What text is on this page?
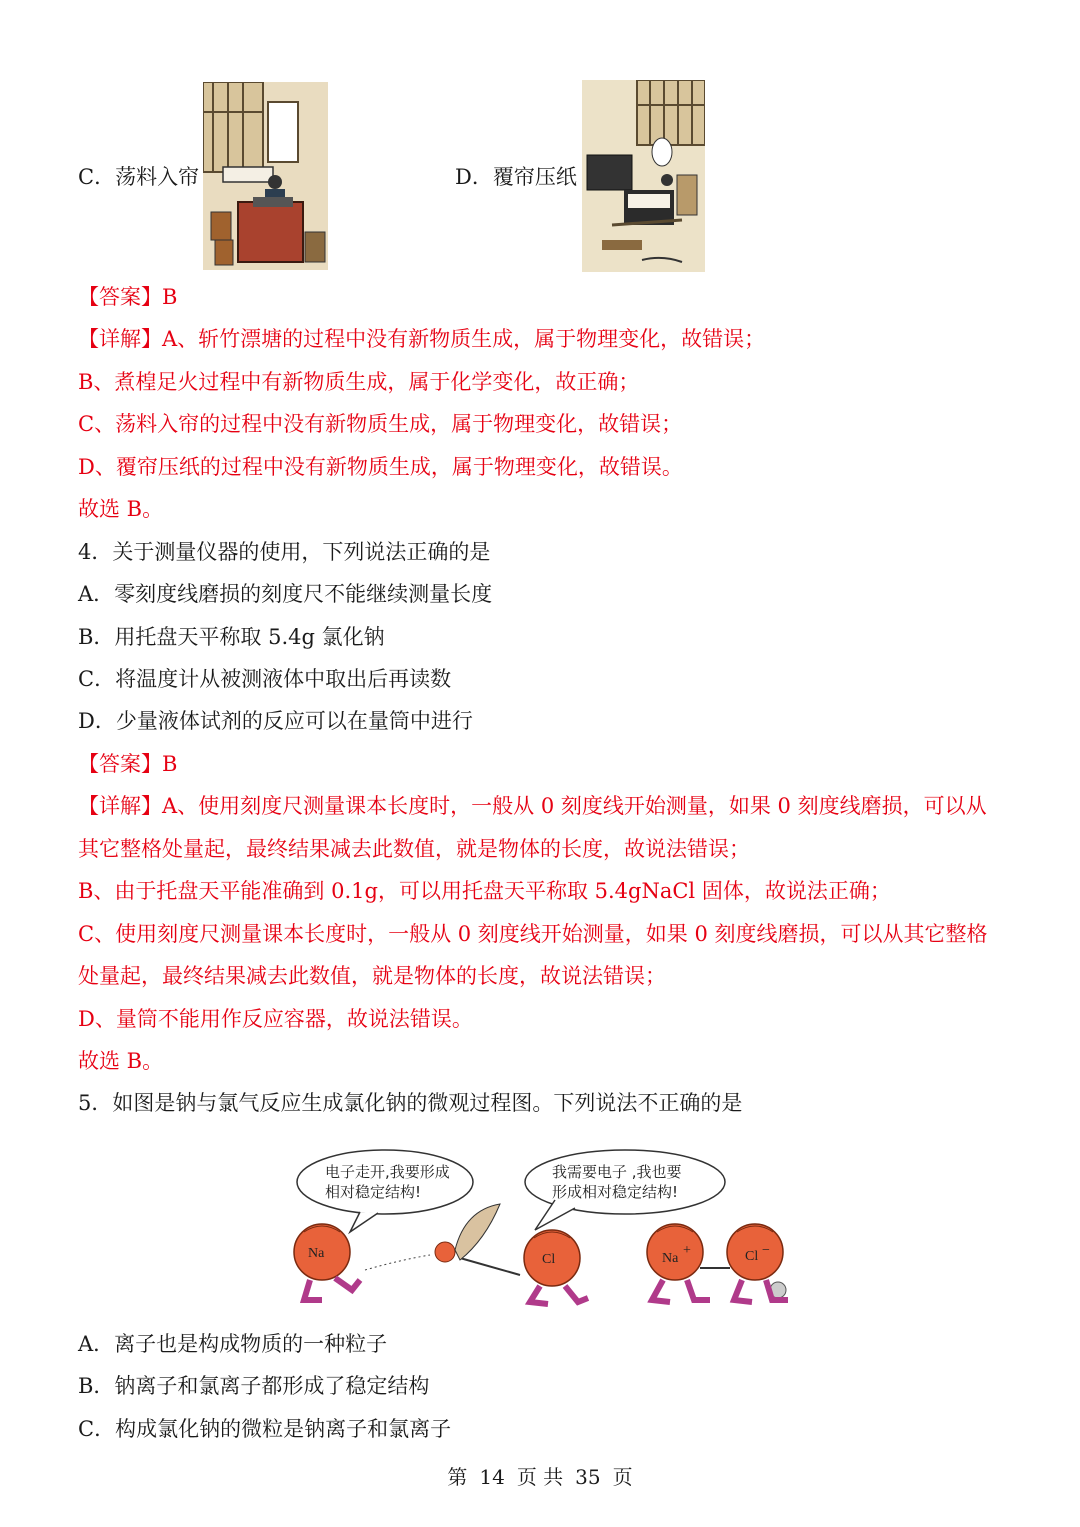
C．荡料入帘	D．覆帘压纸
【答案】B
【详解】A、斩竹漂塘的过程中没有新物质生成，属于物理变化，故错误；
B、煮楻足火过程中有新物质生成，属于化学变化，故正确；
C、荡料入帘的过程中没有新物质生成，属于物理变化，故错误；
D、覆帘压纸的过程中没有新物质生成，属于物理变化，故错误。
故选 B。
4．关于测量仪器的使用，下列说法正确的是
A．零刻度线磨损的刻度尺不能继续测量长度
B．用托盘天平称取 5.4g 氯化钠
C．将温度计从被测液体中取出后再读数
D．少量液体试剂的反应可以在量筒中进行
【答案】B
【详解】A、使用刻度尺测量课本长度时，一般从 0 刻度线开始测量，如果 0 刻度线磨损，可以从
其它整格处量起，最终结果减去此数值，就是物体的长度，故说法错误；
B、由于托盘天平能准确到 0.1g，可以用托盘天平称取 5.4gNaCl 固体，故说法正确；
C、使用刻度尺测量课本长度时，一般从 0 刻度线开始测量，如果 0 刻度线磨损，可以从其它整格
处量起，最终结果减去此数值，就是物体的长度，故说法错误；
D、量筒不能用作反应容器，故说法错误。
故选 B。
5．如图是钠与氯气反应生成氯化钠的微观过程图。下列说法不正确的是
电子走开,我要形成
相对稳定结构!
我需要电子 ,我也要
形成相对稳定结构!
Na	Cl	Na
+	Cl −
A．离子也是构成物质的一种粒子
B．钠离子和氯离子都形成了稳定结构
C．构成氯化钠的微粒是钠离子和氯离子
第 14 页 共 35 页
